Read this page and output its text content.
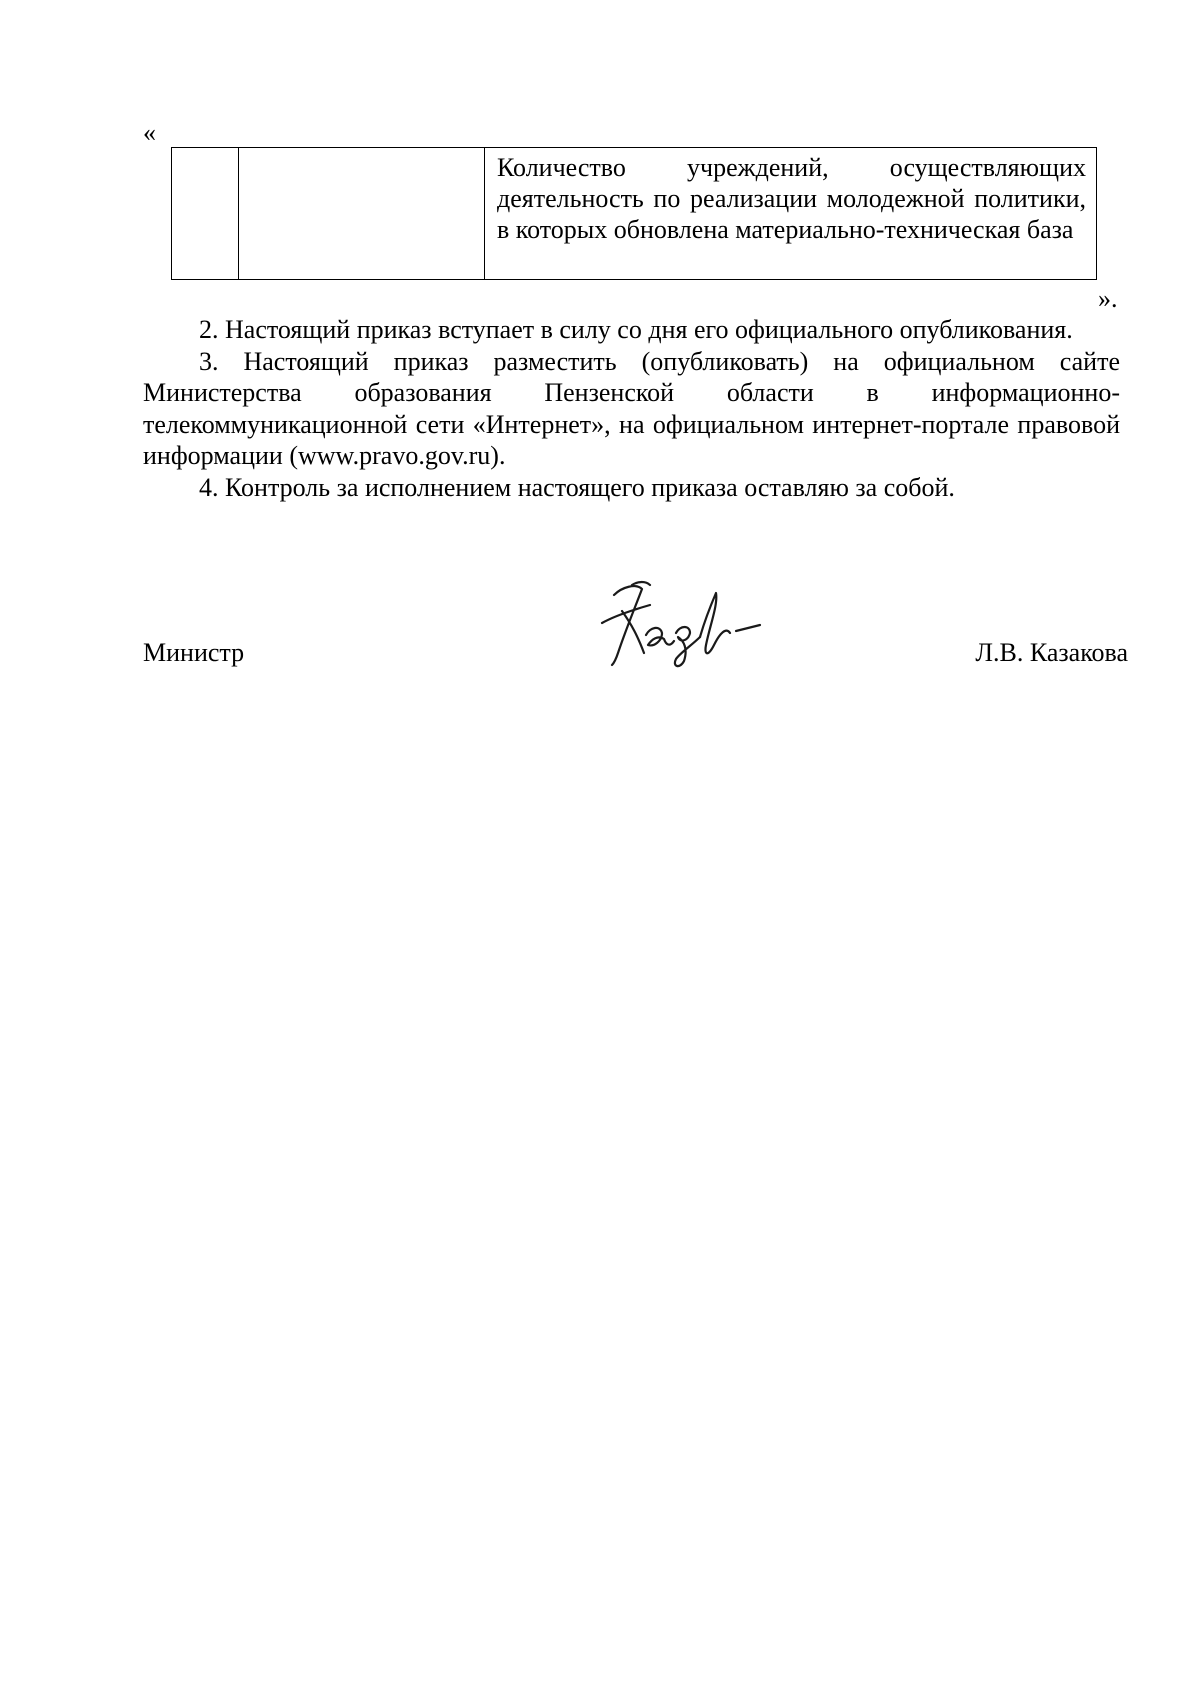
«
		Количество учреждений, осуществляющих деятельность по реализации молодежной политики, в которых обновлена материально-техническая база
».

2. Настоящий приказ вступает в силу со дня его официального опубликования.

3. Настоящий приказ разместить (опубликовать) на официальном сайте Министерства образования Пензенской области в информационно-телекоммуникационной сети «Интернет», на официальном интернет-портале правовой информации (www.pravo.gov.ru).

4. Контроль за исполнением настоящего приказа оставляю за собой.

Министр	Л.В. Казакова
